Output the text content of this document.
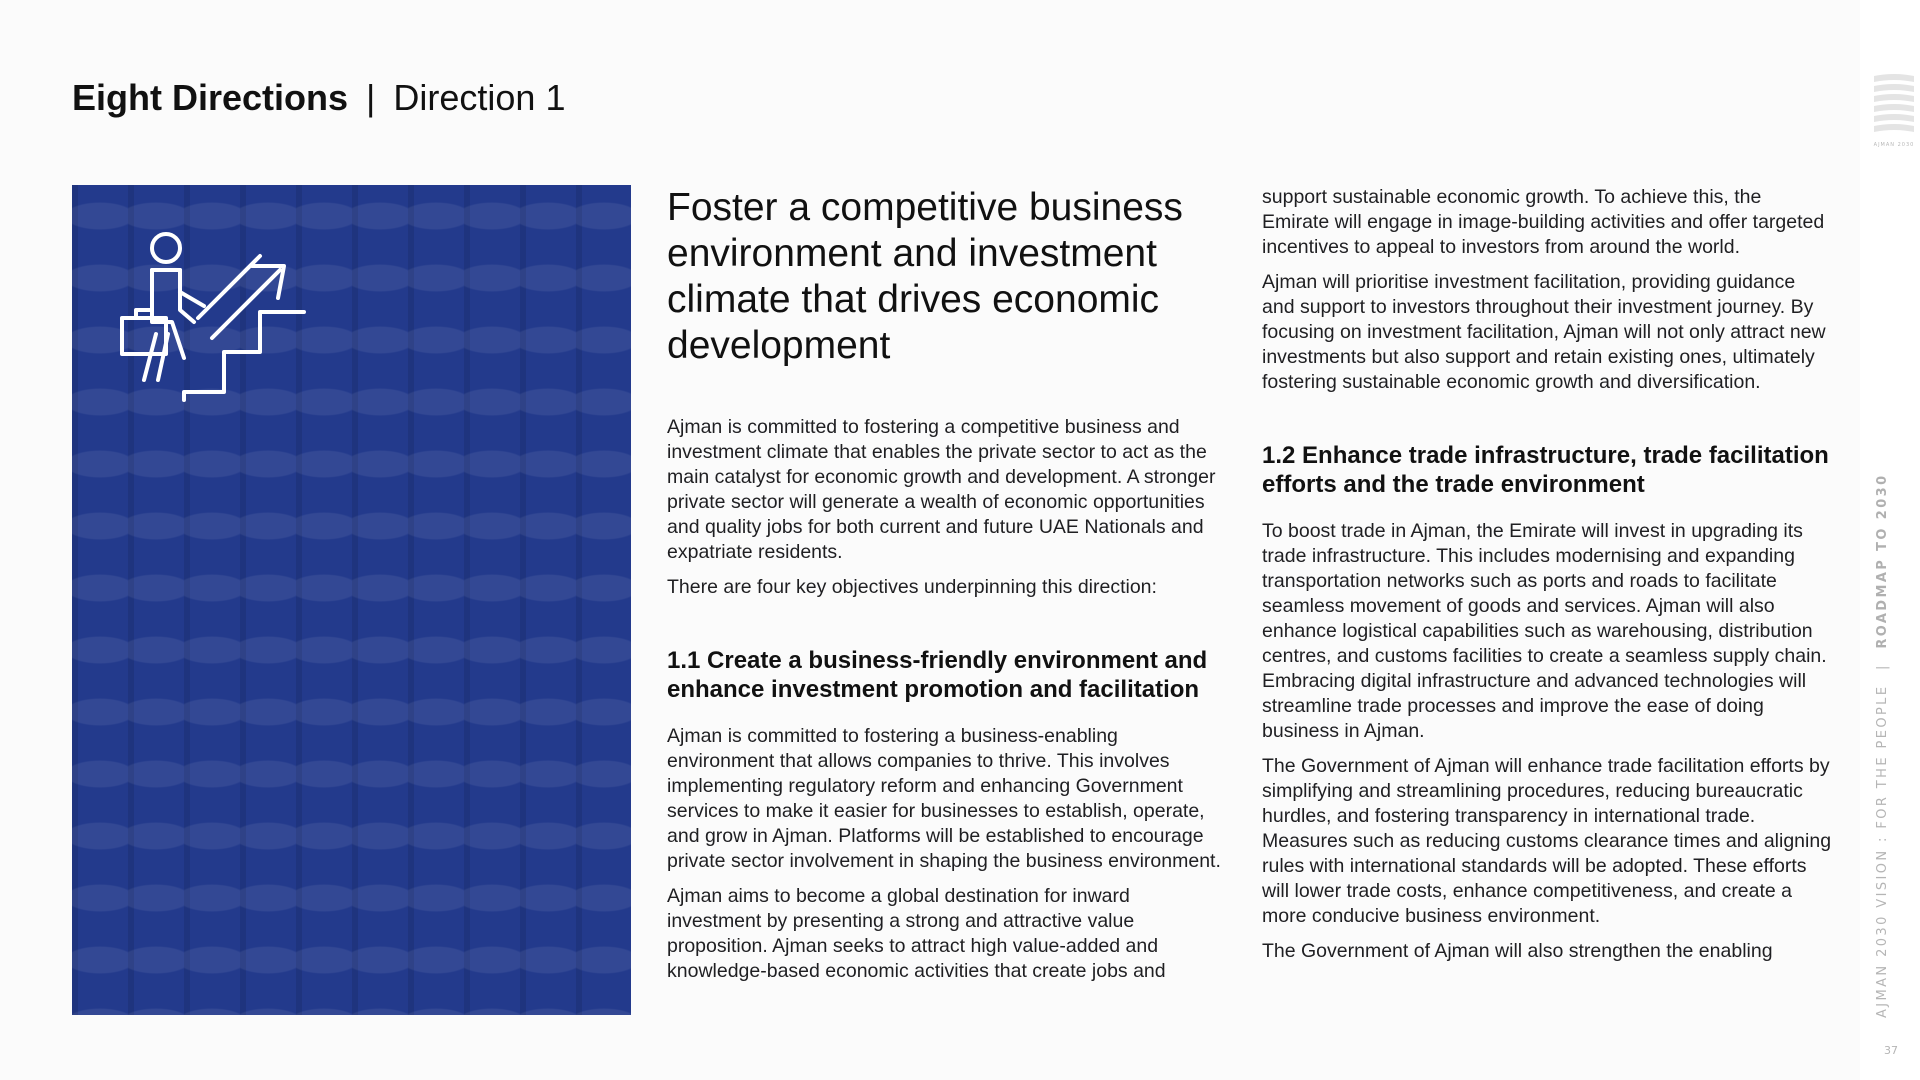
Eight Directions | Direction 1
Foster a competitive business environment and investment climate that drives economic development

Ajman is committed to fostering a competitive business and investment climate that enables the private sector to act as the main catalyst for economic growth and development. A stronger private sector will generate a wealth of economic opportunities and quality jobs for both current and future UAE Nationals and expatriate residents.

There are four key objectives underpinning this direction:

1.1 Create a business-friendly environment and enhance investment promotion and facilitation

Ajman is committed to fostering a business-enabling environment that allows companies to thrive. This involves implementing regulatory reform and enhancing Government services to make it easier for businesses to establish, operate, and grow in Ajman. Platforms will be established to encourage private sector involvement in shaping the business environment.

Ajman aims to become a global destination for inward investment by presenting a strong and attractive value proposition. Ajman seeks to attract high value-added and knowledge-based economic activities that create jobs and

support sustainable economic growth. To achieve this, the Emirate will engage in image-building activities and offer targeted incentives to appeal to investors from around the world.

Ajman will prioritise investment facilitation, providing guidance and support to investors throughout their investment journey. By focusing on investment facilitation, Ajman will not only attract new investments but also support and retain existing ones, ultimately fostering sustainable economic growth and diversification.

1.2 Enhance trade infrastructure, trade facilitation efforts and the trade environment

To boost trade in Ajman, the Emirate will invest in upgrading its trade infrastructure. This includes modernising and expanding transportation networks such as ports and roads to facilitate seamless movement of goods and services. Ajman will also enhance logistical capabilities such as warehousing, distribution centres, and customs facilities to create a seamless supply chain. Embracing digital infrastructure and advanced technologies will streamline trade processes and improve the ease of doing business in Ajman.

The Government of Ajman will enhance trade facilitation efforts by simplifying and streamlining procedures, reducing bureaucratic hurdles, and fostering transparency in international trade. Measures such as reducing customs clearance times and aligning rules with international standards will be adopted. These efforts will lower trade costs, enhance competitiveness, and create a more conducive business environment.

The Government of Ajman will also strengthen the enabling

AJMAN 2030
AJMAN 2030 VISION : FOR THE PEOPLE | ROADMAP TO 2030
37
